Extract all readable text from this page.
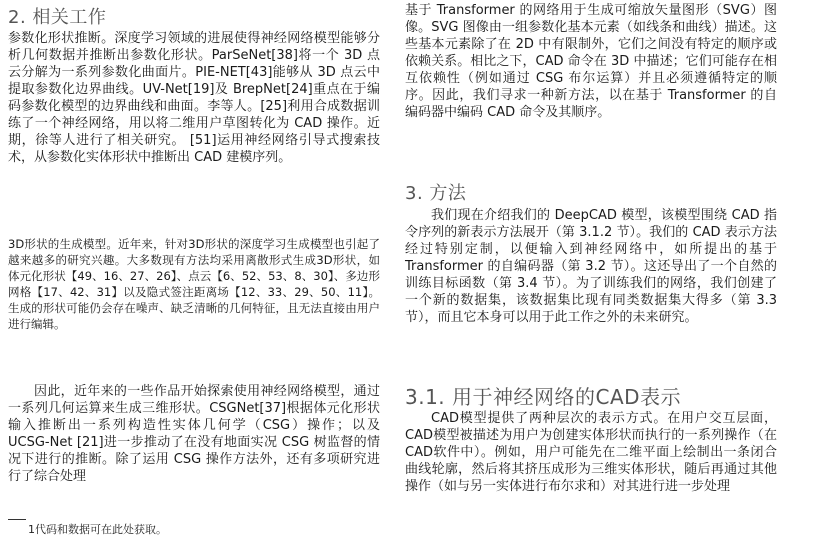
2. 相关工作

参数化形状推断。深度学习领域的进展使得神经网络模型能够分析几何数据并推断出参数化形状。ParSeNet[38]将一个 3D 点云分解为一系列参数化曲面片。PIE-NET[43]能够从 3D 点云中提取参数化边界曲线。UV-Net[19]及 BrepNet[24]重点在于编码参数化模型的边界曲线和曲面。李等人。[25]利用合成数据训练了一个神经网络，用以将二维用户草图转化为 CAD 操作。近期，徐等人进行了相关研究。 [51]运用神经网络引导式搜索技术，从参数化实体形状中推断出 CAD 建模序列。

3D形状的生成模型。近年来，针对3D形状的深度学习生成模型也引起了越来越多的研究兴趣。大多数现有方法均采用离散形式生成3D形状，如体元化形状【49、16、27、26】、点云【6、52、53、8、30】、多边形网格【17、42、31】以及隐式签注距离场【12、33、29、50、11】。生成的形状可能仍会存在噪声、缺乏清晰的几何特征，且无法直接由用户进行编辑。

因此，近年来的一些作品开始探索使用神经网络模型，通过一系列几何运算来生成三维形状。CSGNet[37]根据体元化形状输入推断出一系列构造性实体几何学（CSG）操作；以及 UCSG-Net [21]进一步推动了在没有地面实况 CSG 树监督的情况下进行的推断。除了运用 CSG 操作方法外，还有多项研究进行了综合处理

1代码和数据可在此处获取。

基于 Transformer 的网络用于生成可缩放矢量图形（SVG）图像。SVG 图像由一组参数化基本元素（如线条和曲线）描述。这些基本元素除了在 2D 中有限制外，它们之间没有特定的顺序或依赖关系。相比之下，CAD 命令在 3D 中描述；它们可能存在相互依赖性（例如通过 CSG 布尔运算）并且必须遵循特定的顺序。因此，我们寻求一种新方法，以在基于 Transformer 的自编码器中编码 CAD 命令及其顺序。

3. 方法

我们现在介绍我们的 DeepCAD 模型，该模型围绕 CAD 指令序列的新表示方法展开（第 3.1.2 节）。我们的 CAD 表示方法经过特别定制，以便输入到神经网络中，如所提出的基于 Transformer 的自编码器（第 3.2 节）。这还导出了一个自然的训练目标函数（第 3.4 节）。为了训练我们的网络，我们创建了一个新的数据集，该数据集比现有同类数据集大得多（第 3.3 节），而且它本身可以用于此工作之外的未来研究。

3.1. 用于神经网络的CAD表示

CAD模型提供了两种层次的表示方式。在用户交互层面，CAD模型被描述为用户为创建实体形状而执行的一系列操作（在CAD软件中）。例如，用户可能先在二维平面上绘制出一条闭合曲线轮廓，然后将其挤压成形为三维实体形状，随后再通过其他操作（如与另一实体进行布尔求和）对其进行进一步处理
